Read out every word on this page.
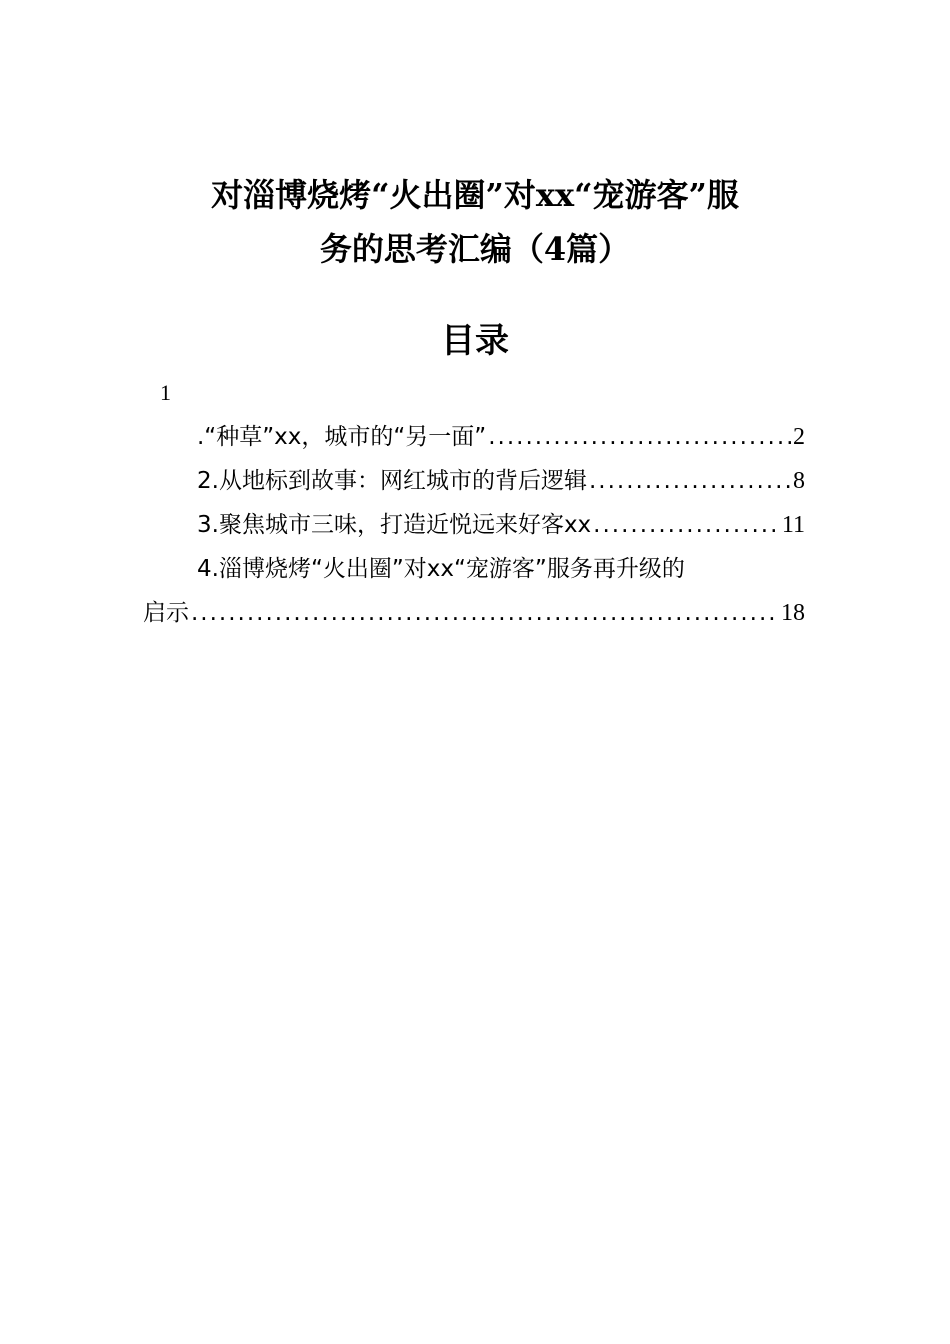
对淄博烧烤“火出圈”对xx“宠游客”服
务的思考汇编（4篇）
目录
1
.“种草”xx，城市的“另一面” .....	2
2.从地标到故事：网红城市的背后逻辑 .....	8
3.聚焦城市三味，打造近悦远来好客xx .....	11
4.淄博烧烤“火出圈”对xx“宠游客”服务再升级的
启示 .....	18
